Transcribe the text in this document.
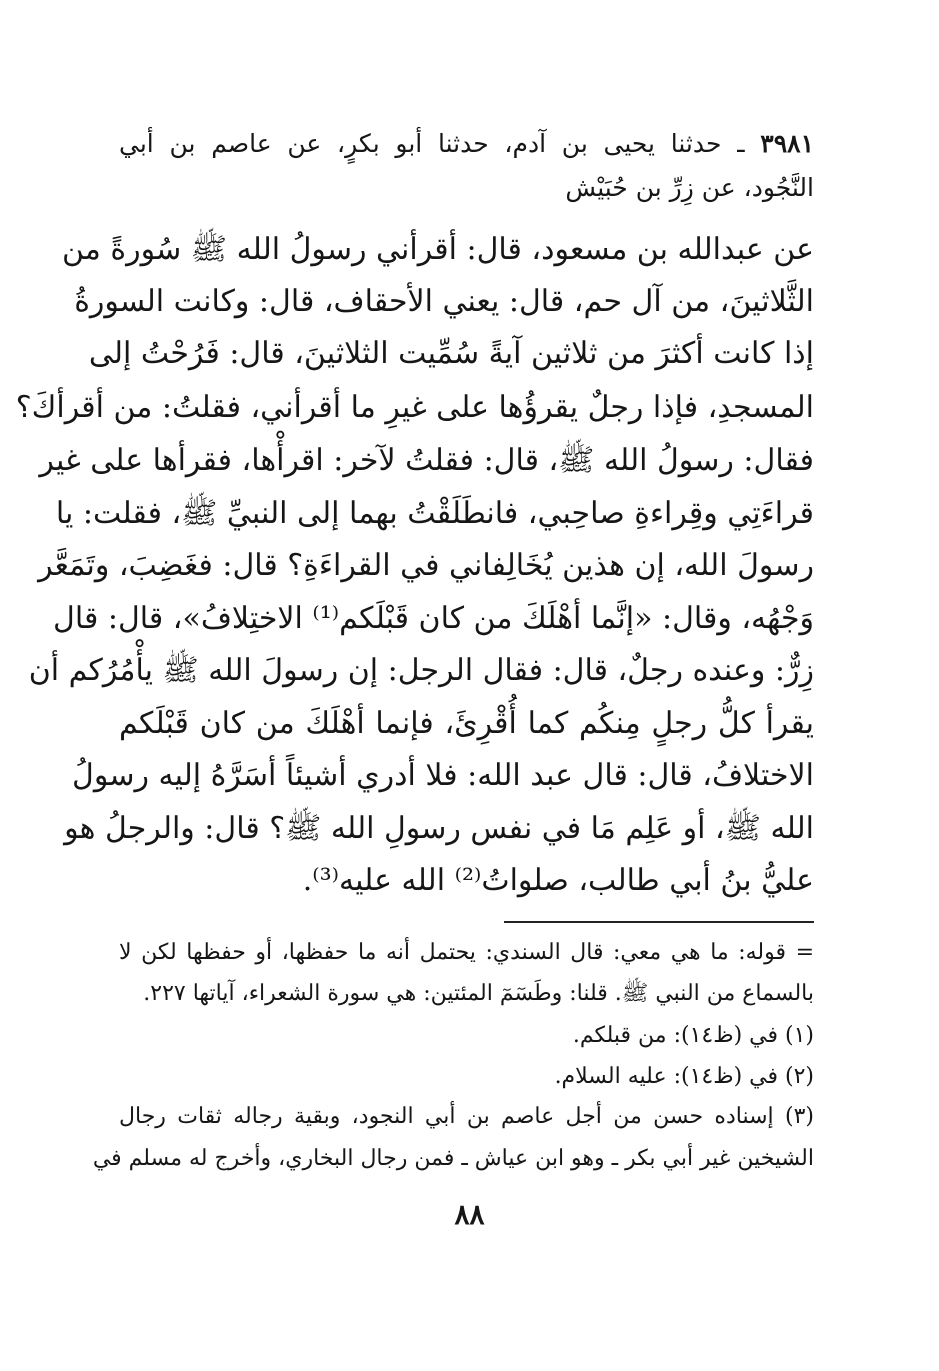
٣٩٨١ ـ حدثنا يحيى بن آدم، حدثنا أبو بكرٍ، عن عاصم بن أبي
النَّجُود، عن زِرِّ بن حُبَيْش
عن عبدالله بن مسعود، قال: أقرأني رسولُ الله ﷺ سُورةً من
الثَّلاثينَ، من آل حم، قال: يعني الأحقاف، قال: وكانت السورةُ
إذا كانت أكثرَ من ثلاثين آيةً سُمِّيت الثلاثينَ، قال: فَرُحْتُ إلى
المسجدِ، فإذا رجلٌ يقرؤُها على غيرِ ما أقرأني، فقلتُ: من أقرأكَ؟
فقال: رسولُ الله ﷺ، قال: فقلتُ لآخر: اقرأْها، فقرأها على غير
قراءَتِي وقِراءةِ صاحِبي، فانطَلَقْتُ بهما إلى النبيِّ ﷺ، فقلت: يا
رسولَ الله، إن هذين يُخَالِفاني في القراءَةِ؟ قال: فغَضِبَ، وتَمَعَّر
وَجْهُه، وقال: «إنَّما أهْلَكَ من كان قَبْلَكم⁽¹⁾ الاختِلافُ»، قال: قال
زِرٌّ: وعنده رجلٌ، قال: فقال الرجل: إن رسولَ الله ﷺ يأْمُرُكم أن
يقرأ كلُّ رجلٍ مِنكُم كما أُقْرِئَ، فإنما أهْلَكَ من كان قَبْلَكم
الاختلافُ، قال: قال عبد الله: فلا أدري أشيئاً أسَرَّهُ إليه رسولُ
الله ﷺ، أو عَلِم مَا في نفس رسولِ الله ﷺ؟ قال: والرجلُ هو
عليُّ بنُ أبي طالب، صلواتُ⁽²⁾ الله عليه⁽³⁾.
= قوله: ما هي معي: قال السندي: يحتمل أنه ما حفظها، أو حفظها لكن لا
بالسماع من النبي ﷺ. قلنا: وطَسٓمٓ المئتين: هي سورة الشعراء، آياتها ٢٢٧.
(١) في (ظ١٤): من قبلكم.
(٢) في (ظ١٤): عليه السلام.
(٣) إسناده حسن من أجل عاصم بن أبي النجود، وبقية رجاله ثقات رجال
الشيخين غير أبي بكر ـ وهو ابن عياش ـ فمن رجال البخاري، وأخرج له مسلم في
٨٨
